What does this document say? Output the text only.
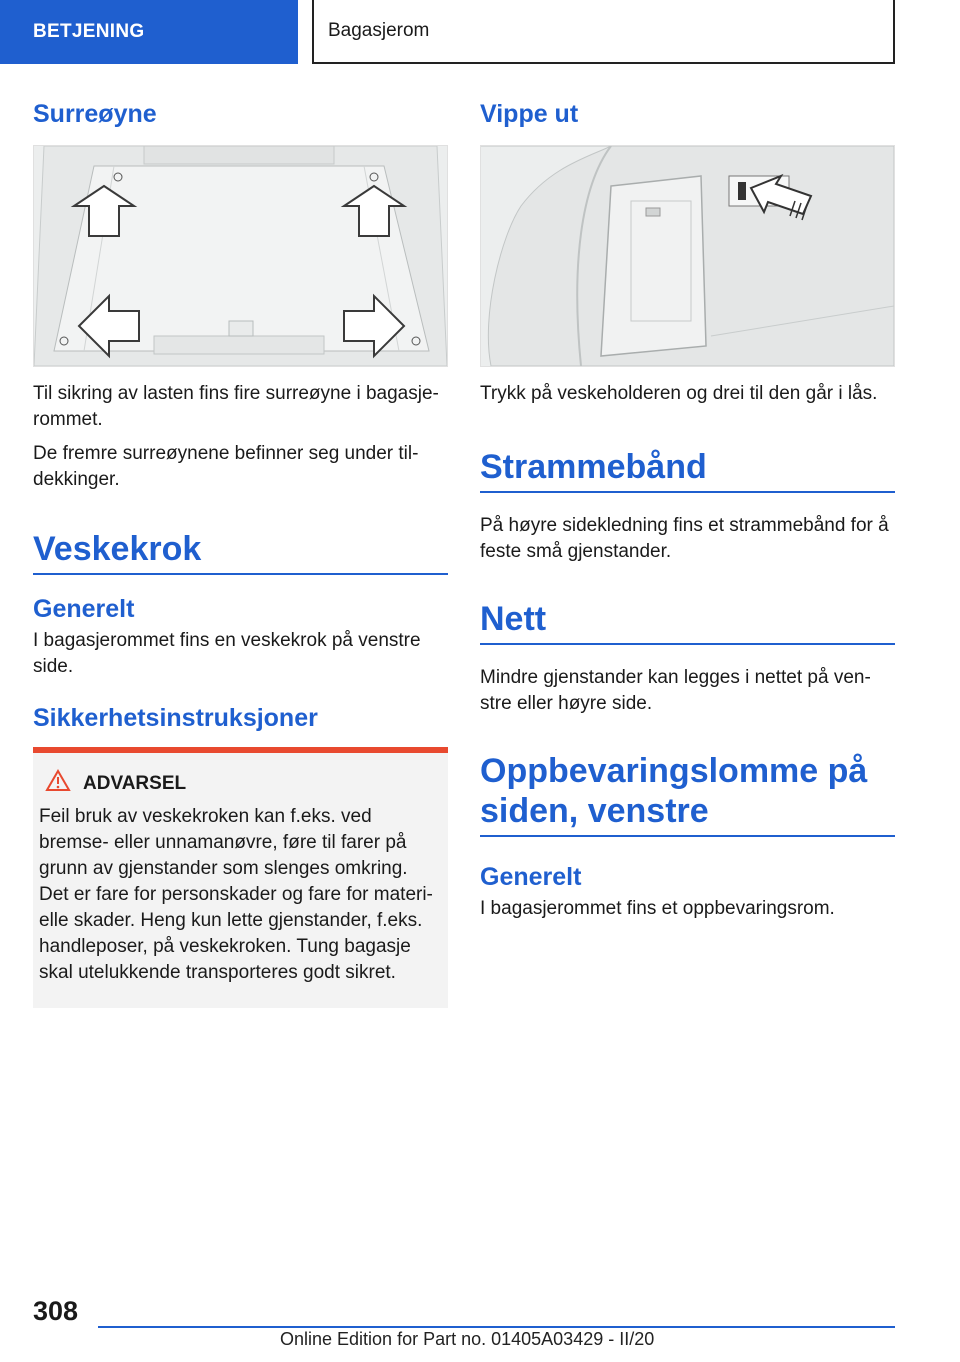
BETJENING	Bagasjerom
Surreøyne
Til sikring av lasten fins fire surreøyne i bagasje-rommet.
De fremre surreøynene befinner seg under til-dekkinger.
Veskekrok
Generelt
I bagasjerommet fins en veskekrok på venstre side.
Sikkerhetsinstruksjoner
ADVARSEL
Feil bruk av veskekroken kan f.eks. ved bremse- eller unnamanøvre, føre til farer på grunn av gjenstander som slenges omkring. Det er fare for personskader og fare for materi-elle skader. Heng kun lette gjenstander, f.eks. handleposer, på veskekroken. Tung bagasje skal utelukkende transporteres godt sikret.
Vippe ut
Trykk på veskeholderen og drei til den går i lås.
Strammebånd
På høyre sidekledning fins et strammebånd for å feste små gjenstander.
Nett
Mindre gjenstander kan legges i nettet på ven-stre eller høyre side.
Oppbevaringslomme på siden, venstre
Generelt
I bagasjerommet fins et oppbevaringsrom.
308
Online Edition for Part no. 01405A03429 - II/20
